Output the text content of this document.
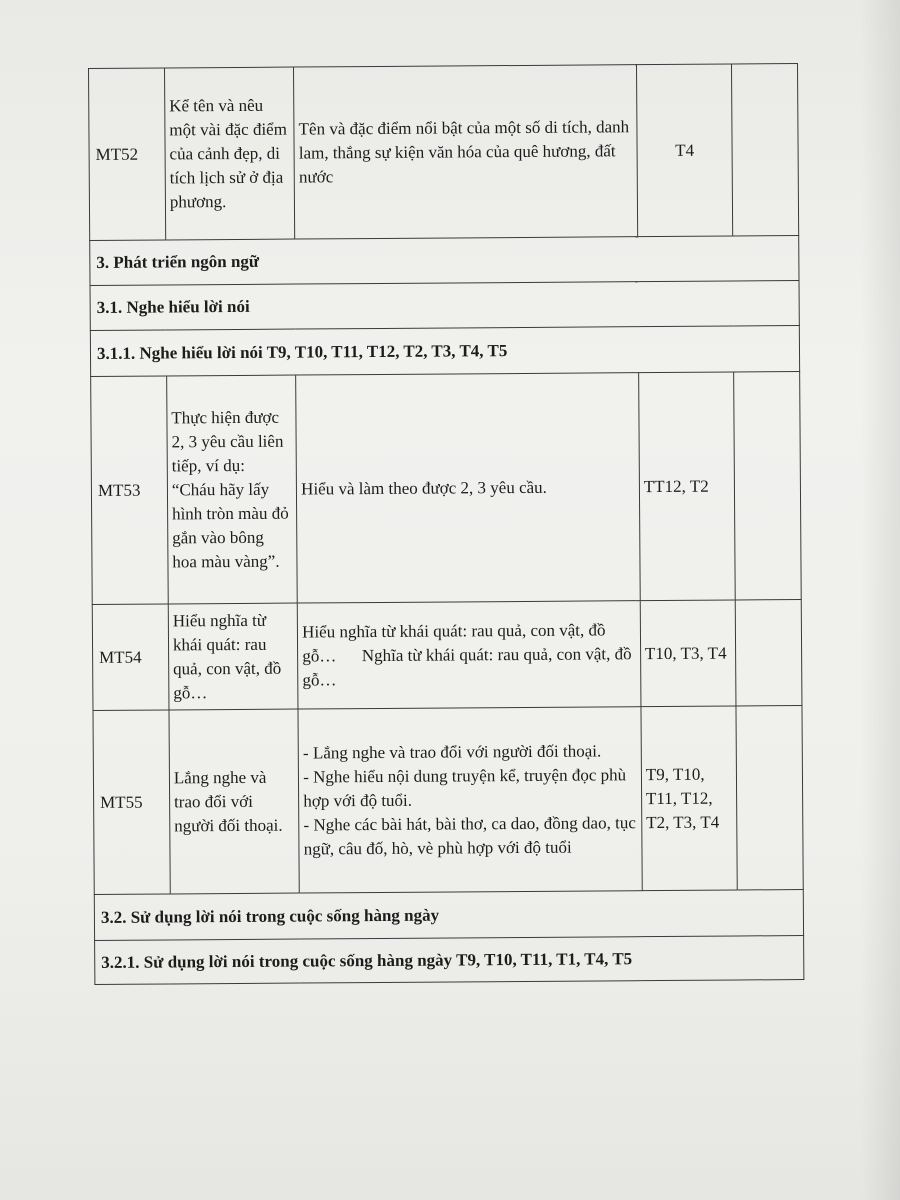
MT52	Kể tên và nêu một vài đặc điểm của cảnh đẹp, di tích lịch sử ở địa phương.	Tên và đặc điểm nổi bật của một số di tích, danh lam, thắng sự kiện văn hóa của quê hương, đất nước	T4	
3. Phát triển ngôn ngữ				
3.1. Nghe hiểu lời nói				
3.1.1. Nghe hiểu lời nói T9, T10, T11, T12, T2, T3, T4, T5				
MT53	Thực hiện được 2, 3 yêu cầu liên tiếp, ví dụ: “Cháu hãy lấy hình tròn màu đỏ gắn vào bông hoa màu vàng”.	Hiểu và làm theo được 2, 3 yêu cầu.	TT12, T2	
MT54	Hiểu nghĩa từ khái quát: rau quả, con vật, đồ gỗ…	Hiểu nghĩa từ khái quát: rau quả, con vật, đồ gỗ…      Nghĩa từ khái quát: rau quả, con vật, đồ gỗ…	T10, T3, T4	
MT55	Lắng nghe và trao đổi với người đối thoại.	- Lắng nghe và trao đổi với người đối thoại.
- Nghe hiểu nội dung truyện kể, truyện đọc phù hợp với độ tuổi.
- Nghe các bài hát, bài thơ, ca dao, đồng dao, tục ngữ, câu đố, hò, vè phù hợp với độ tuổi	T9, T10, T11, T12, T2, T3, T4	
3.2. Sử dụng lời nói trong cuộc sống hàng ngày				
3.2.1. Sử dụng lời nói trong cuộc sống hàng ngày T9, T10, T11, T1, T4, T5				
